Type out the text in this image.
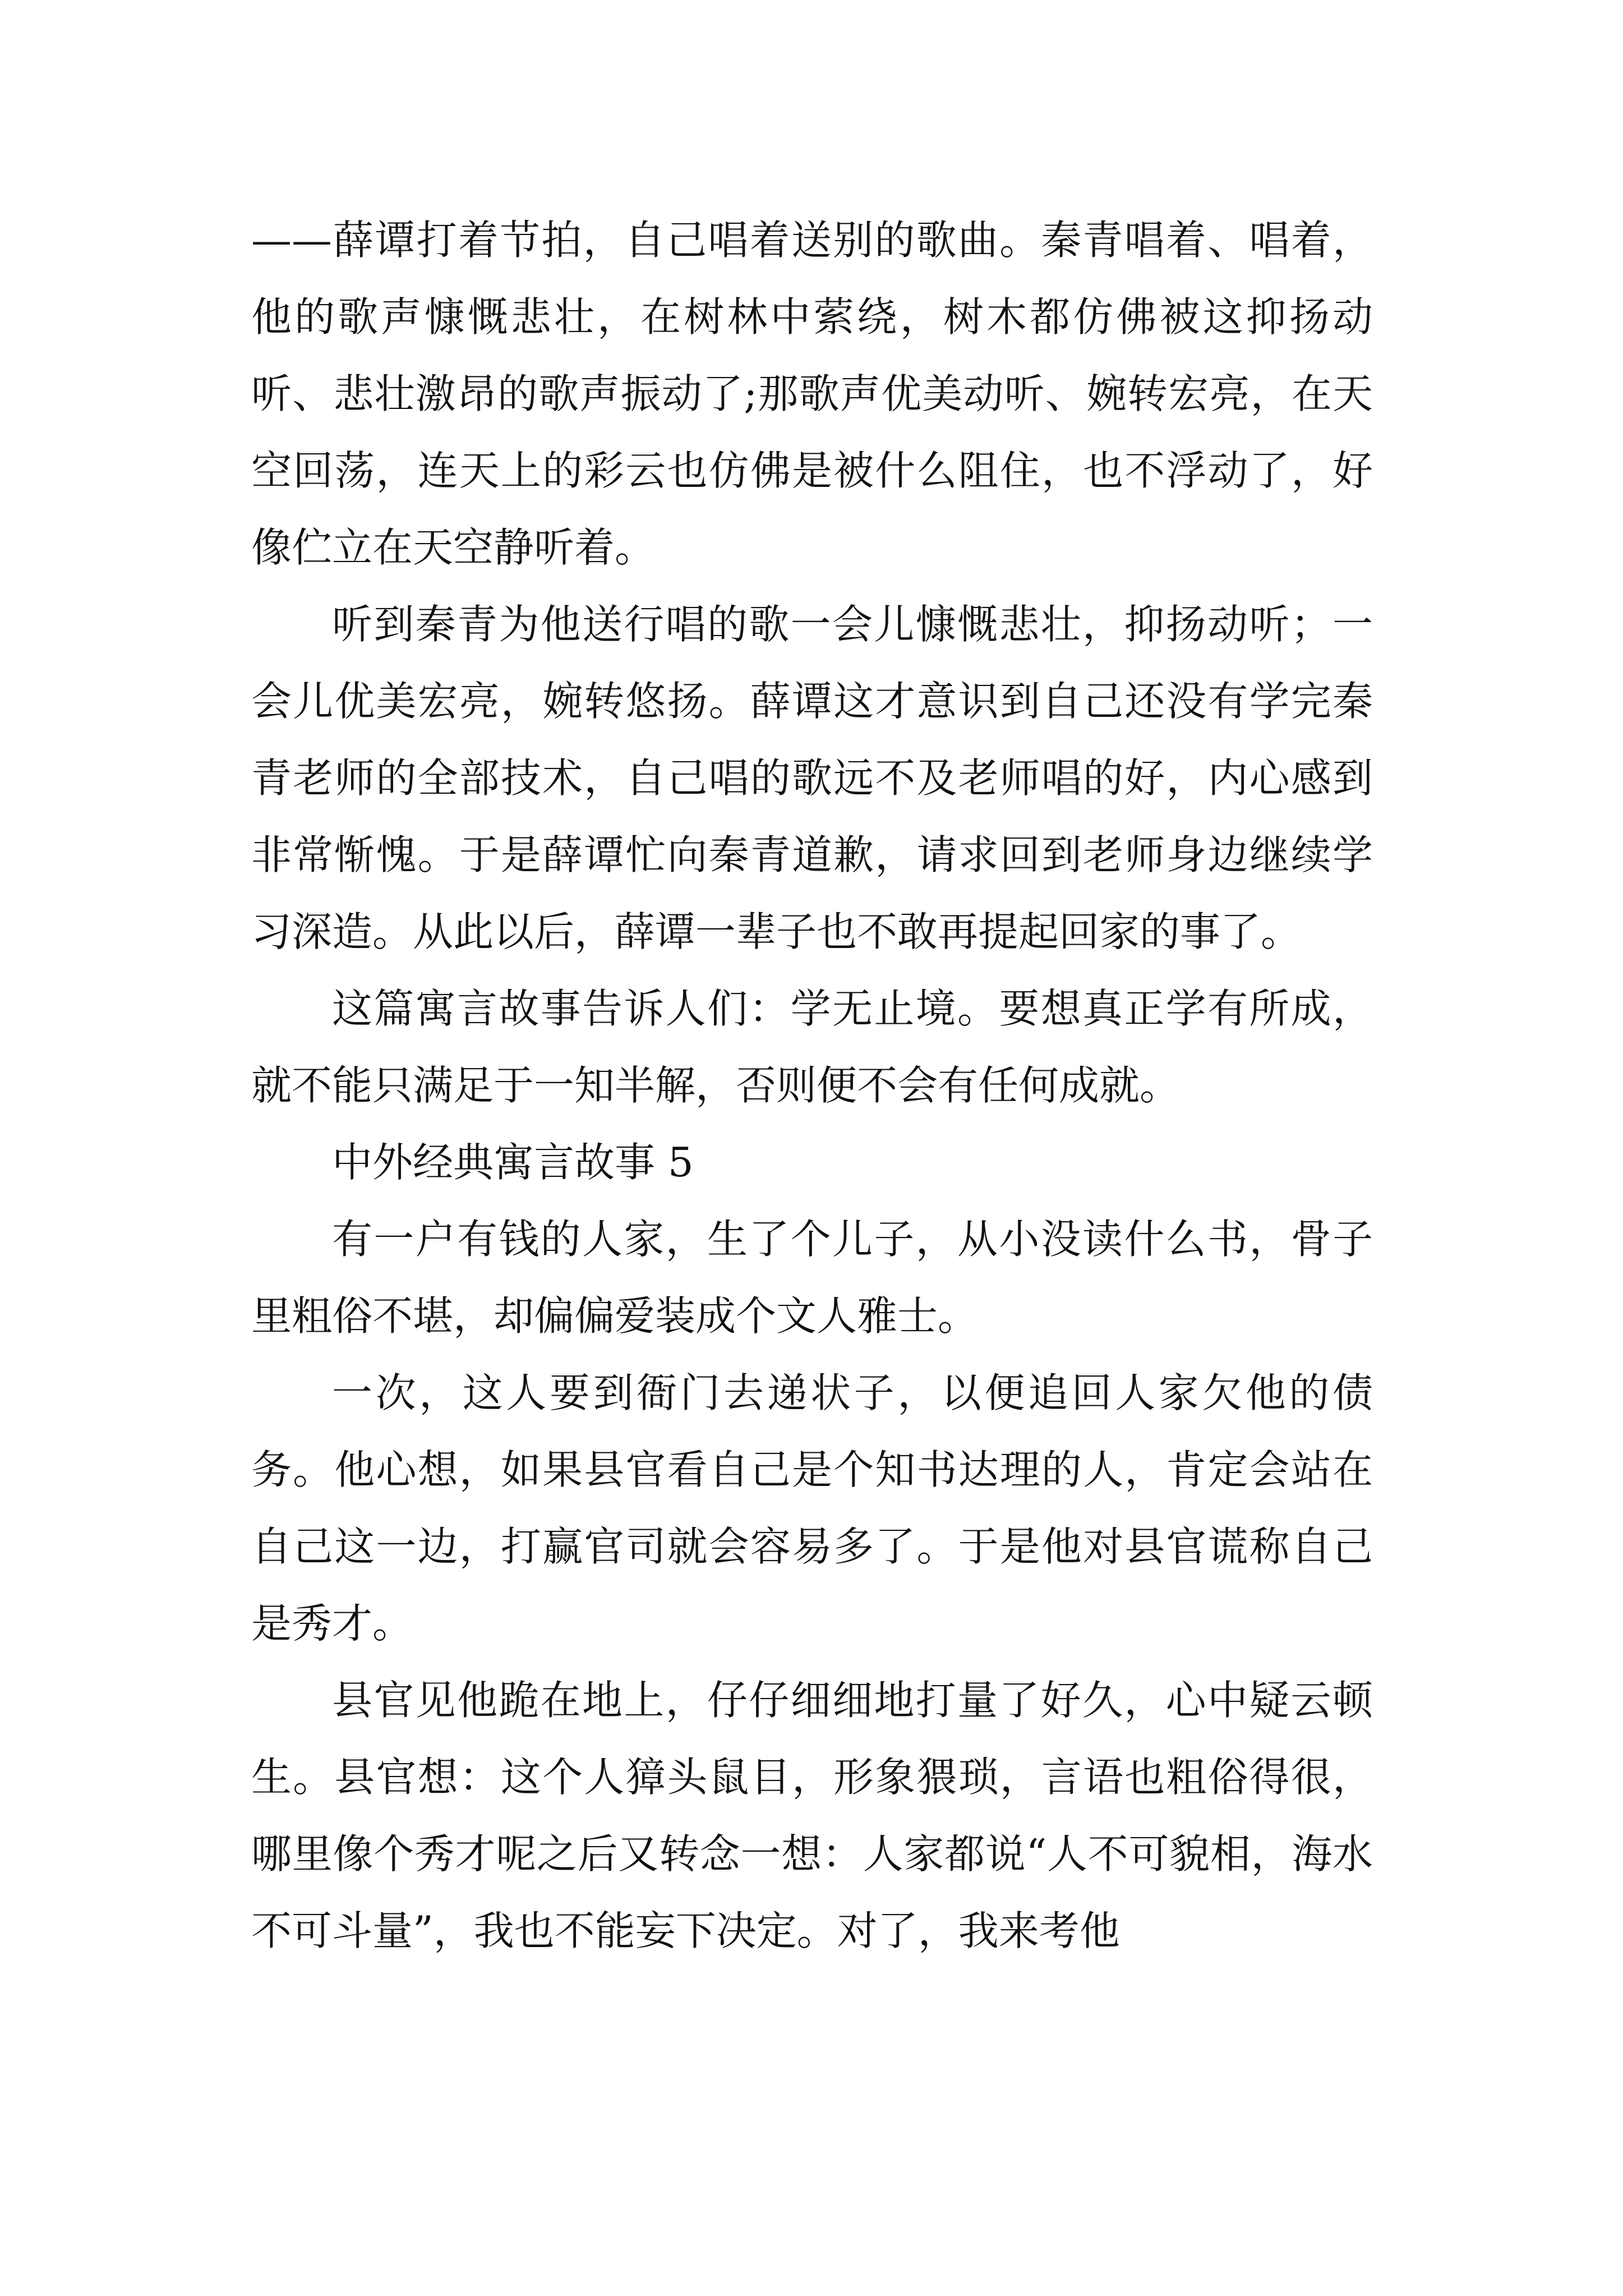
——薛谭打着节拍，自己唱着送别的歌曲。秦青唱着、唱着，他的歌声慷慨悲壮，在树林中萦绕，树木都仿佛被这抑扬动听、悲壮激昂的歌声振动了;那歌声优美动听、婉转宏亮，在天空回荡，连天上的彩云也仿佛是被什么阻住，也不浮动了，好像伫立在天空静听着。

听到秦青为他送行唱的歌一会儿慷慨悲壮，抑扬动听；一会儿优美宏亮，婉转悠扬。薛谭这才意识到自己还没有学完秦青老师的全部技术，自己唱的歌远不及老师唱的好，内心感到非常惭愧。于是薛谭忙向秦青道歉，请求回到老师身边继续学习深造。从此以后，薛谭一辈子也不敢再提起回家的事了。

这篇寓言故事告诉人们：学无止境。要想真正学有所成，就不能只满足于一知半解，否则便不会有任何成就。

中外经典寓言故事 5

有一户有钱的人家，生了个儿子，从小没读什么书，骨子里粗俗不堪，却偏偏爱装成个文人雅士。

一次，这人要到衙门去递状子，以便追回人家欠他的债务。他心想，如果县官看自己是个知书达理的人，肯定会站在自己这一边，打赢官司就会容易多了。于是他对县官谎称自己是秀才。

县官见他跪在地上，仔仔细细地打量了好久，心中疑云顿生。县官想：这个人獐头鼠目，形象猥琐，言语也粗俗得很，哪里像个秀才呢之后又转念一想：人家都说“人不可貌相，海水不可斗量”，我也不能妄下决定。对了，我来考他
